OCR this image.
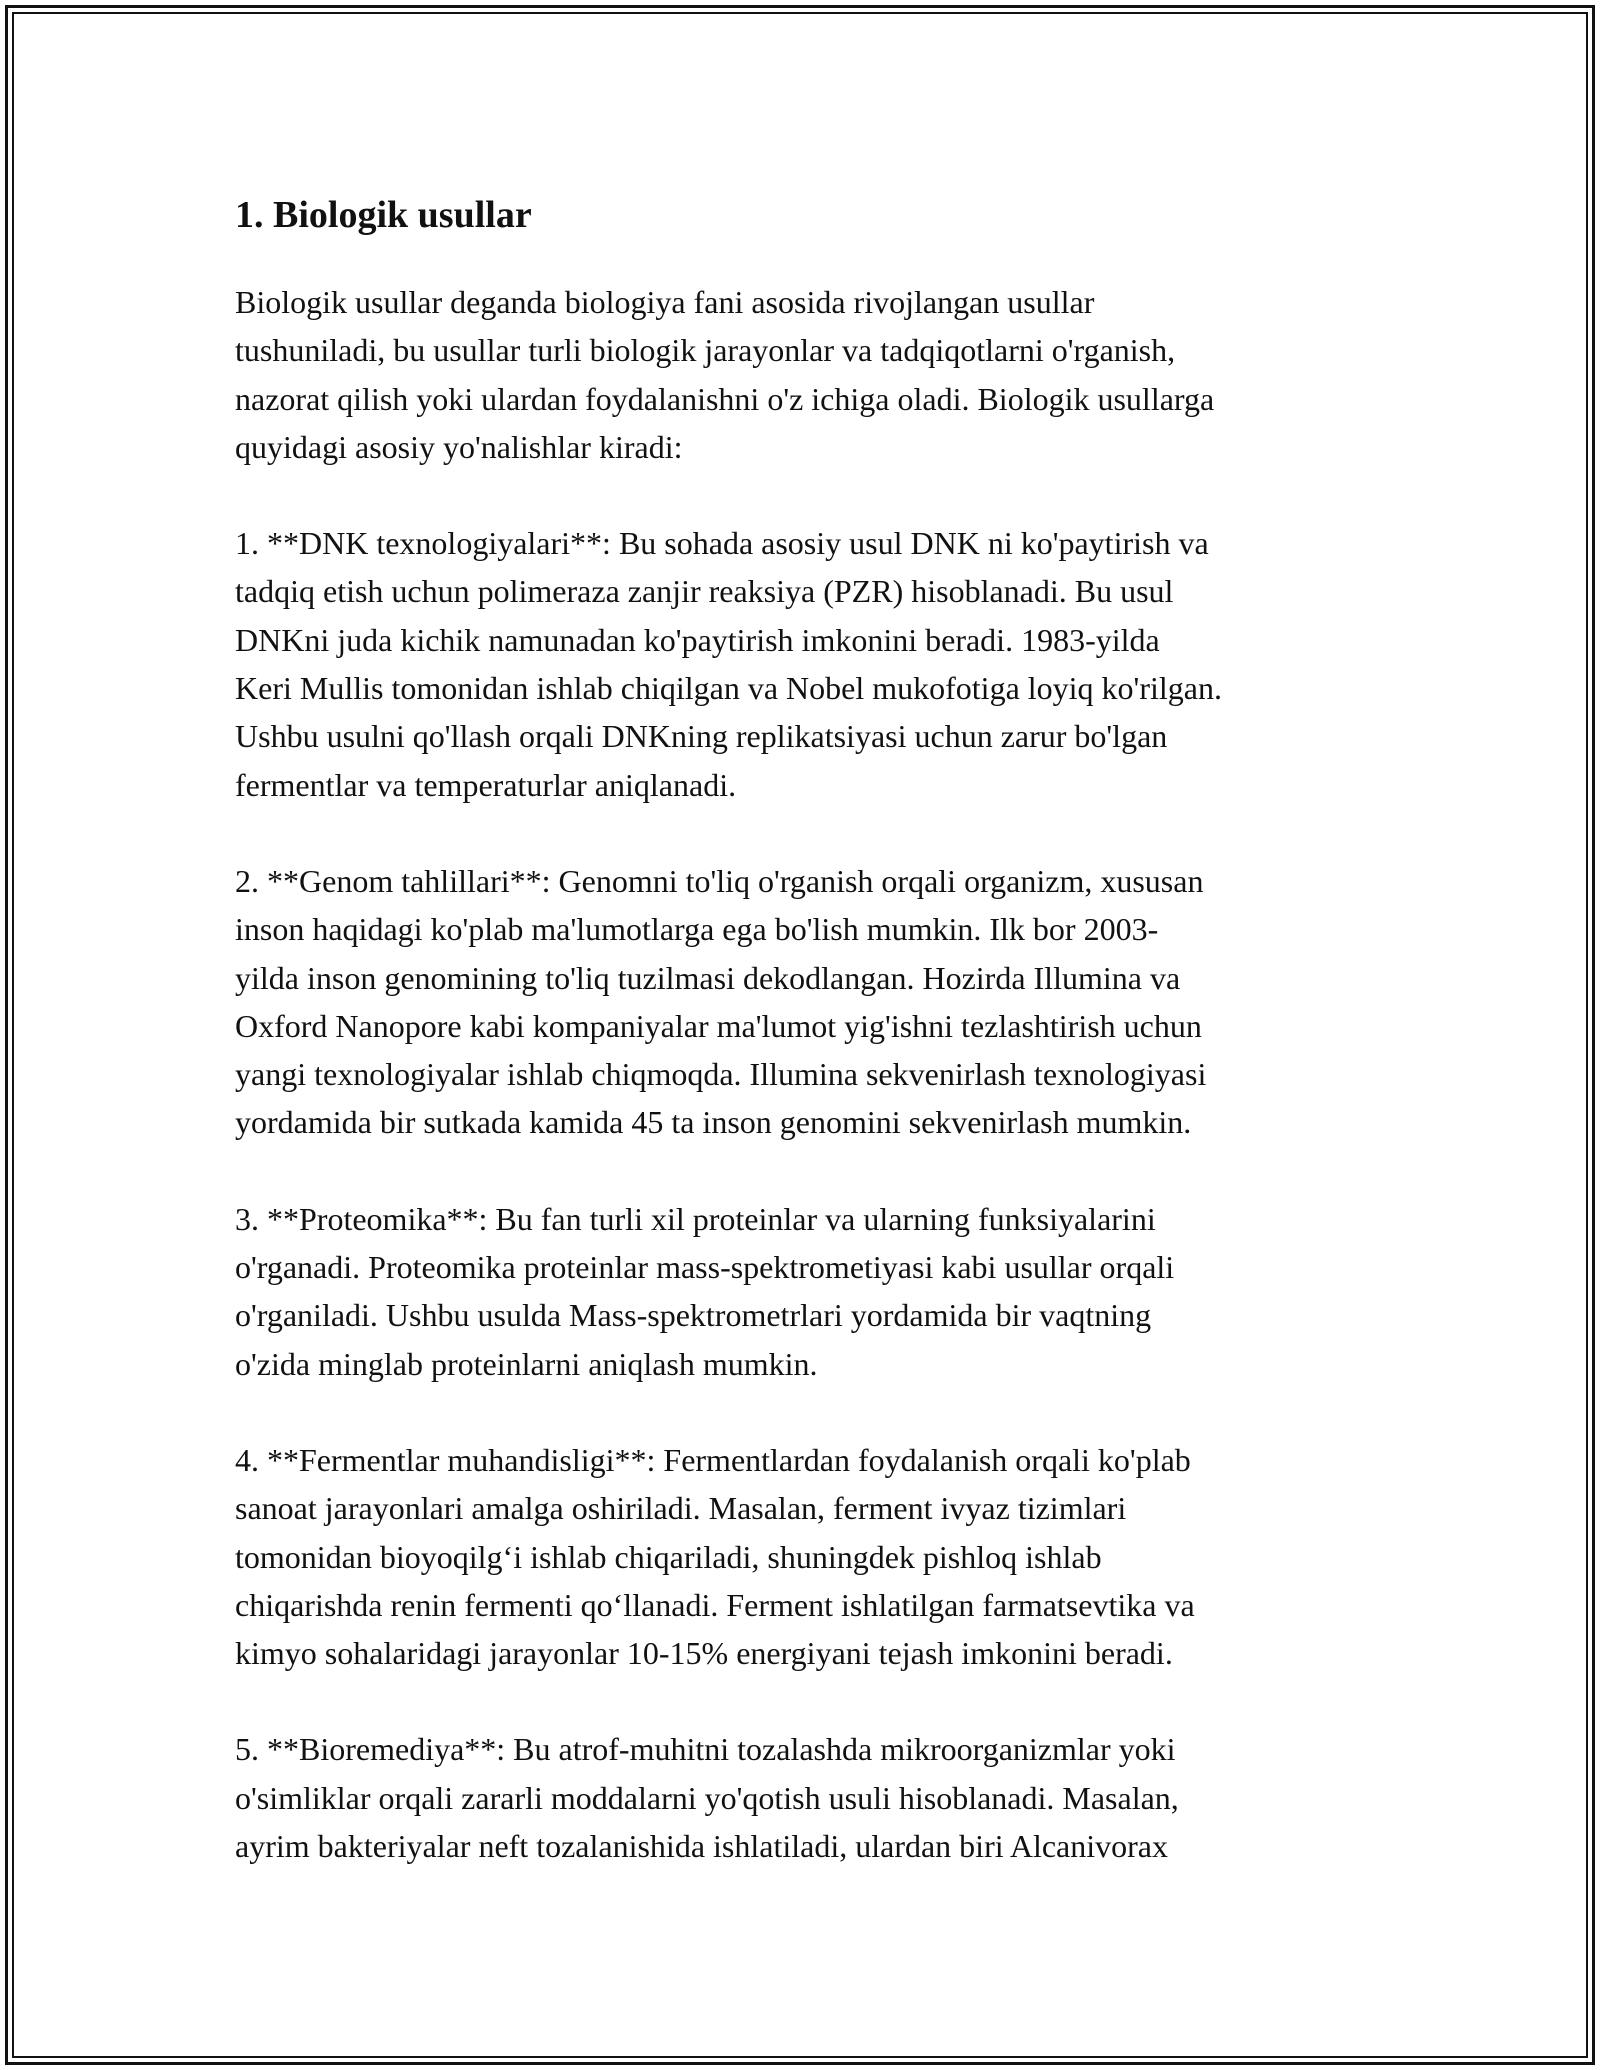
1. Biologik usullar
Biologik usullar deganda biologiya fani asosida rivojlangan usullar
tushuniladi, bu usullar turli biologik jarayonlar va tadqiqotlarni o'rganish,
nazorat qilish yoki ulardan foydalanishni o'z ichiga oladi. Biologik usullarga
quyidagi asosiy yo'nalishlar kiradi:
1. **DNK texnologiyalari**: Bu sohada asosiy usul DNK ni ko'paytirish va
tadqiq etish uchun polimeraza zanjir reaksiya (PZR) hisoblanadi. Bu usul
DNKni juda kichik namunadan ko'paytirish imkonini beradi. 1983-yilda
Keri Mullis tomonidan ishlab chiqilgan va Nobel mukofotiga loyiq ko'rilgan.
Ushbu usulni qo'llash orqali DNKning replikatsiyasi uchun zarur bo'lgan
fermentlar va temperaturlar aniqlanadi.
2. **Genom tahlillari**: Genomni to'liq o'rganish orqali organizm, xususan
inson haqidagi ko'plab ma'lumotlarga ega bo'lish mumkin. Ilk bor 2003-
yilda inson genomining to'liq tuzilmasi dekodlangan. Hozirda Illumina va
Oxford Nanopore kabi kompaniyalar ma'lumot yig'ishni tezlashtirish uchun
yangi texnologiyalar ishlab chiqmoqda. Illumina sekvenirlash texnologiyasi
yordamida bir sutkada kamida 45 ta inson genomini sekvenirlash mumkin.
3. **Proteomika**: Bu fan turli xil proteinlar va ularning funksiyalarini
o'rganadi. Proteomika proteinlar mass-spektrometiyasi kabi usullar orqali
o'rganiladi. Ushbu usulda Mass-spektrometrlari yordamida bir vaqtning
o'zida minglab proteinlarni aniqlash mumkin.
4. **Fermentlar muhandisligi**: Fermentlardan foydalanish orqali ko'plab
sanoat jarayonlari amalga oshiriladi. Masalan, ferment ivyaz tizimlari
tomonidan bioyoqilg‘i ishlab chiqariladi, shuningdek pishloq ishlab
chiqarishda renin fermenti qo‘llanadi. Ferment ishlatilgan farmatsevtika va
kimyo sohalaridagi jarayonlar 10-15% energiyani tejash imkonini beradi.
5. **Bioremediya**: Bu atrof-muhitni tozalashda mikroorganizmlar yoki
o'simliklar orqali zararli moddalarni yo'qotish usuli hisoblanadi. Masalan,
ayrim bakteriyalar neft tozalanishida ishlatiladi, ulardan biri Alcanivorax
